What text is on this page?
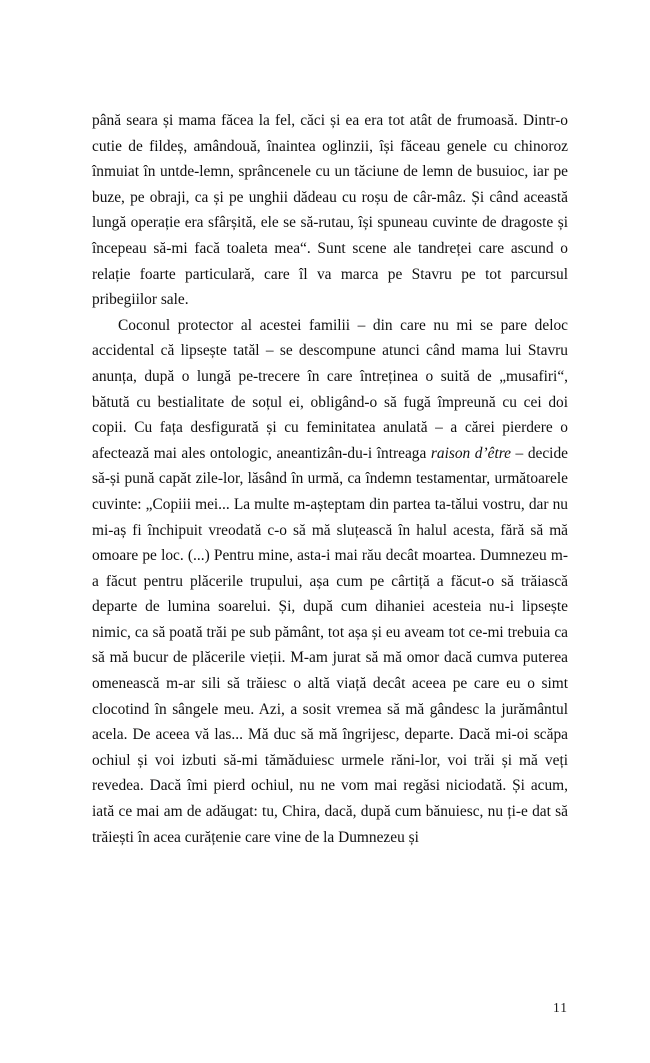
până seara și mama făcea la fel, căci și ea era tot atât de frumoasă. Dintr-o cutie de fildeș, amândouă, înaintea oglinzii, își făceau genele cu chinoroz înmuiat în untde-lemn, sprâncenele cu un tăciune de lemn de busuioc, iar pe buze, pe obraji, ca și pe unghii dădeau cu roșu de câr-mâz. Și când această lungă operație era sfârșită, ele se să-rutau, își spuneau cuvinte de dragoste și începeau să-mi facă toaleta mea“. Sunt scene ale tandreței care ascund o relație foarte particulară, care îl va marca pe Stavru pe tot parcursul pribegiilor sale.

Coconul protector al acestei familii – din care nu mi se pare deloc accidental că lipsește tatăl – se descompune atunci când mama lui Stavru anunța, după o lungă pe-trecere în care întreținea o suită de „musafiri“, bătută cu bestialitate de soțul ei, obligând-o să fugă împreună cu cei doi copii. Cu fața desfigurată și cu feminitatea anulată – a cărei pierdere o afectează mai ales ontologic, aneantizân-du-i întreaga raison d’être – decide să-și pună capăt zile-lor, lăsând în urmă, ca îndemn testamentar, următoarele cuvinte: „Copiii mei... La multe m-așteptam din partea ta-tălui vostru, dar nu mi-aș fi închipuit vreodată c-o să mă sluțească în halul acesta, fără să mă omoare pe loc. (...) Pentru mine, asta-i mai rău decât moartea. Dumnezeu m-a făcut pentru plăcerile trupului, așa cum pe cârtiță a făcut-o să trăiască departe de lumina soarelui. Și, după cum dihaniei acesteia nu-i lipsește nimic, ca să poată trăi pe sub pământ, tot așa și eu aveam tot ce-mi trebuia ca să mă bucur de plăcerile vieții. M-am jurat să mă omor dacă cumva puterea omenească m-ar sili să trăiesc o altă viață decât aceea pe care eu o simt clocotind în sângele meu. Azi, a sosit vremea să mă gândesc la jurământul acela. De aceea vă las... Mă duc să mă îngrijesc, departe. Dacă mi-oi scăpa ochiul și voi izbuti să-mi tămăduiesc urmele răni-lor, voi trăi și mă veți revedea. Dacă îmi pierd ochiul, nu ne vom mai regăsi niciodată. Și acum, iată ce mai am de adăugat: tu, Chira, dacă, după cum bănuiesc, nu ți-e dat să trăiești în acea curățenie care vine de la Dumnezeu și

11
